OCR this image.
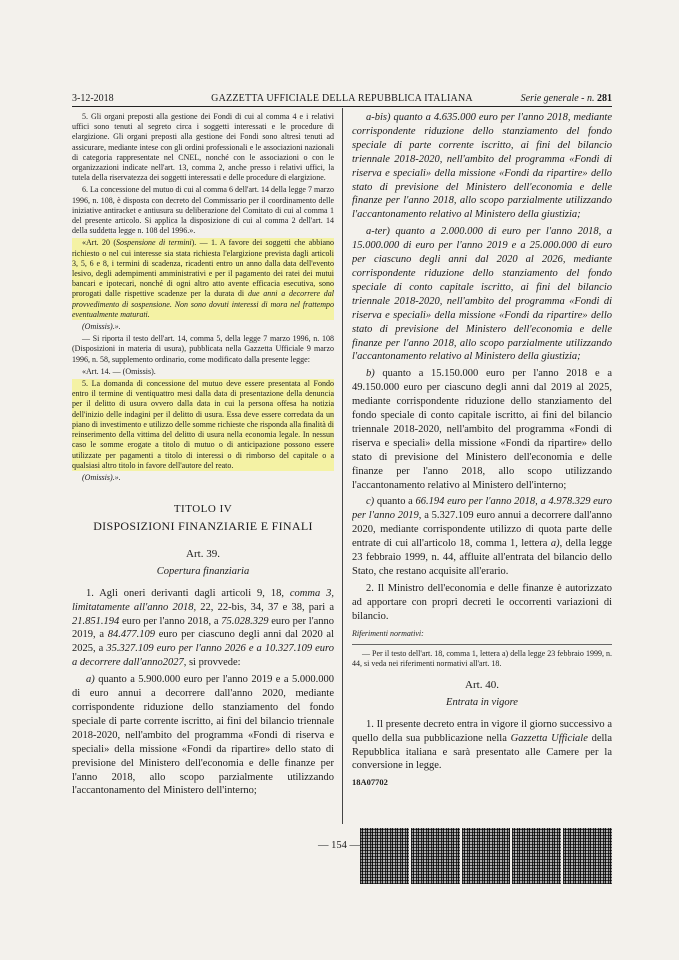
3-12-2018	GAZZETTA UFFICIALE DELLA REPUBBLICA ITALIANA	Serie generale - n. 281

5. Gli organi preposti alla gestione dei Fondi di cui al comma 4 e i relativi uffici sono tenuti al segreto circa i soggetti interessati e le procedure di elargizione. Gli organi preposti alla gestione dei Fondi sono altresì tenuti ad assicurare, mediante intese con gli ordini professionali e le associazioni nazionali di categoria rappresentate nel CNEL, nonché con le associazioni o con le organizzazioni indicate nell'art. 13, comma 2, anche presso i relativi uffici, la tutela della riservatezza dei soggetti interessati e delle procedure di elargizione.

6. La concessione del mutuo di cui al comma 6 dell'art. 14 della legge 7 marzo 1996, n. 108, è disposta con decreto del Commissario per il coordinamento delle iniziative antiracket e antiusura su deliberazione del Comitato di cui al comma 1 del presente articolo. Si applica la disposizione di cui al comma 2 dell'art. 14 della suddetta legge n. 108 del 1996.».

«Art. 20 (Sospensione di termini). — 1. A favore dei soggetti che abbiano richiesto o nel cui interesse sia stata richiesta l'elargizione prevista dagli articoli 3, 5, 6 e 8, i termini di scadenza, ricadenti entro un anno dalla data dell'evento lesivo, degli adempimenti amministrativi e per il pagamento dei ratei dei mutui bancari e ipotecari, nonché di ogni altro atto avente efficacia esecutiva, sono prorogati dalle rispettive scadenze per la durata di due anni a decorrere dal provvedimento di sospensione. Non sono dovuti interessi di mora nel frattempo eventualmente maturati.

(Omissis).».

— Si riporta il testo dell'art. 14, comma 5, della legge 7 marzo 1996, n. 108 (Disposizioni in materia di usura), pubblicata nella Gazzetta Ufficiale 9 marzo 1996, n. 58, supplemento ordinario, come modificato dalla presente legge:

«Art. 14. — (Omissis).

5. La domanda di concessione del mutuo deve essere presentata al Fondo entro il termine di ventiquattro mesi dalla data di presentazione della denuncia per il delitto di usura ovvero dalla data in cui la persona offesa ha notizia dell'inizio delle indagini per il delitto di usura. Essa deve essere corredata da un piano di investimento e utilizzo delle somme richieste che risponda alla finalità di reinserimento della vittima del delitto di usura nella economia legale. In nessun caso le somme erogate a titolo di mutuo o di anticipazione possono essere utilizzate per pagamenti a titolo di interessi o di rimborso del capitale o a qualsiasi altro titolo in favore dell'autore del reato.

(Omissis).».

TITOLO IV

DISPOSIZIONI FINANZIARIE E FINALI

Art. 39.

Copertura finanziaria

1. Agli oneri derivanti dagli articoli 9, 18, comma 3, limitatamente all'anno 2018, 22, 22-bis, 34, 37 e 38, pari a 21.851.194 euro per l'anno 2018, a 75.028.329 euro per l'anno 2019, a 84.477.109 euro per ciascuno degli anni dal 2020 al 2025, a 35.327.109 euro per l'anno 2026 e a 10.327.109 euro a decorrere dall'anno2027, si provvede:

a) quanto a 5.900.000 euro per l'anno 2019 e a 5.000.000 di euro annui a decorrere dall'anno 2020, mediante corrispondente riduzione dello stanziamento del fondo speciale di parte corrente iscritto, ai fini del bilancio triennale 2018-2020, nell'ambito del programma «Fondi di riserva e speciali» della missione «Fondi da ripartire» dello stato di previsione del Ministero dell'economia e delle finanze per l'anno 2018, allo scopo parzialmente utilizzando l'accantonamento del Ministero dell'interno;

a-bis) quanto a 4.635.000 euro per l'anno 2018, mediante corrispondente riduzione dello stanziamento del fondo speciale di parte corrente iscritto, ai fini del bilancio triennale 2018-2020, nell'ambito del programma «Fondi di riserva e speciali» della missione «Fondi da ripartire» dello stato di previsione del Ministero dell'economia e delle finanze per l'anno 2018, allo scopo parzialmente utilizzando l'accantonamento relativo al Ministero della giustizia;

a-ter) quanto a 2.000.000 di euro per l'anno 2018, a 15.000.000 di euro per l'anno 2019 e a 25.000.000 di euro per ciascuno degli anni dal 2020 al 2026, mediante corrispondente riduzione dello stanziamento del fondo speciale di conto capitale iscritto, ai fini del bilancio triennale 2018-2020, nell'ambito del programma «Fondi di riserva e speciali» della missione «Fondi da ripartire» dello stato di previsione del Ministero dell'economia e delle finanze per l'anno 2018, allo scopo parzialmente utilizzando l'accantonamento relativo al Ministero della giustizia;

b) quanto a 15.150.000 euro per l'anno 2018 e a 49.150.000 euro per ciascuno degli anni dal 2019 al 2025, mediante corrispondente riduzione dello stanziamento del fondo speciale di conto capitale iscritto, ai fini del bilancio triennale 2018-2020, nell'ambito del programma «Fondi di riserva e speciali» della missione «Fondi da ripartire» dello stato di previsione del Ministero dell'economia e delle finanze per l'anno 2018, allo scopo utilizzando l'accantonamento relativo al Ministero dell'interno;

c) quanto a 66.194 euro per l'anno 2018, a 4.978.329 euro per l'anno 2019, a 5.327.109 euro annui a decorrere dall'anno 2020, mediante corrispondente utilizzo di quota parte delle entrate di cui all'articolo 18, comma 1, lettera a), della legge 23 febbraio 1999, n. 44, affluite all'entrata del bilancio dello Stato, che restano acquisite all'erario.

2. Il Ministro dell'economia e delle finanze è autorizzato ad apportare con propri decreti le occorrenti variazioni di bilancio.

Riferimenti normativi:

— Per il testo dell'art. 18, comma 1, lettera a) della legge 23 febbraio 1999, n. 44, si veda nei riferimenti normativi all'art. 18.

Art. 40.

Entrata in vigore

1. Il presente decreto entra in vigore il giorno successivo a quello della sua pubblicazione nella Gazzetta Ufficiale della Repubblica italiana e sarà presentato alle Camere per la conversione in legge.

18A07702

— 154 —
